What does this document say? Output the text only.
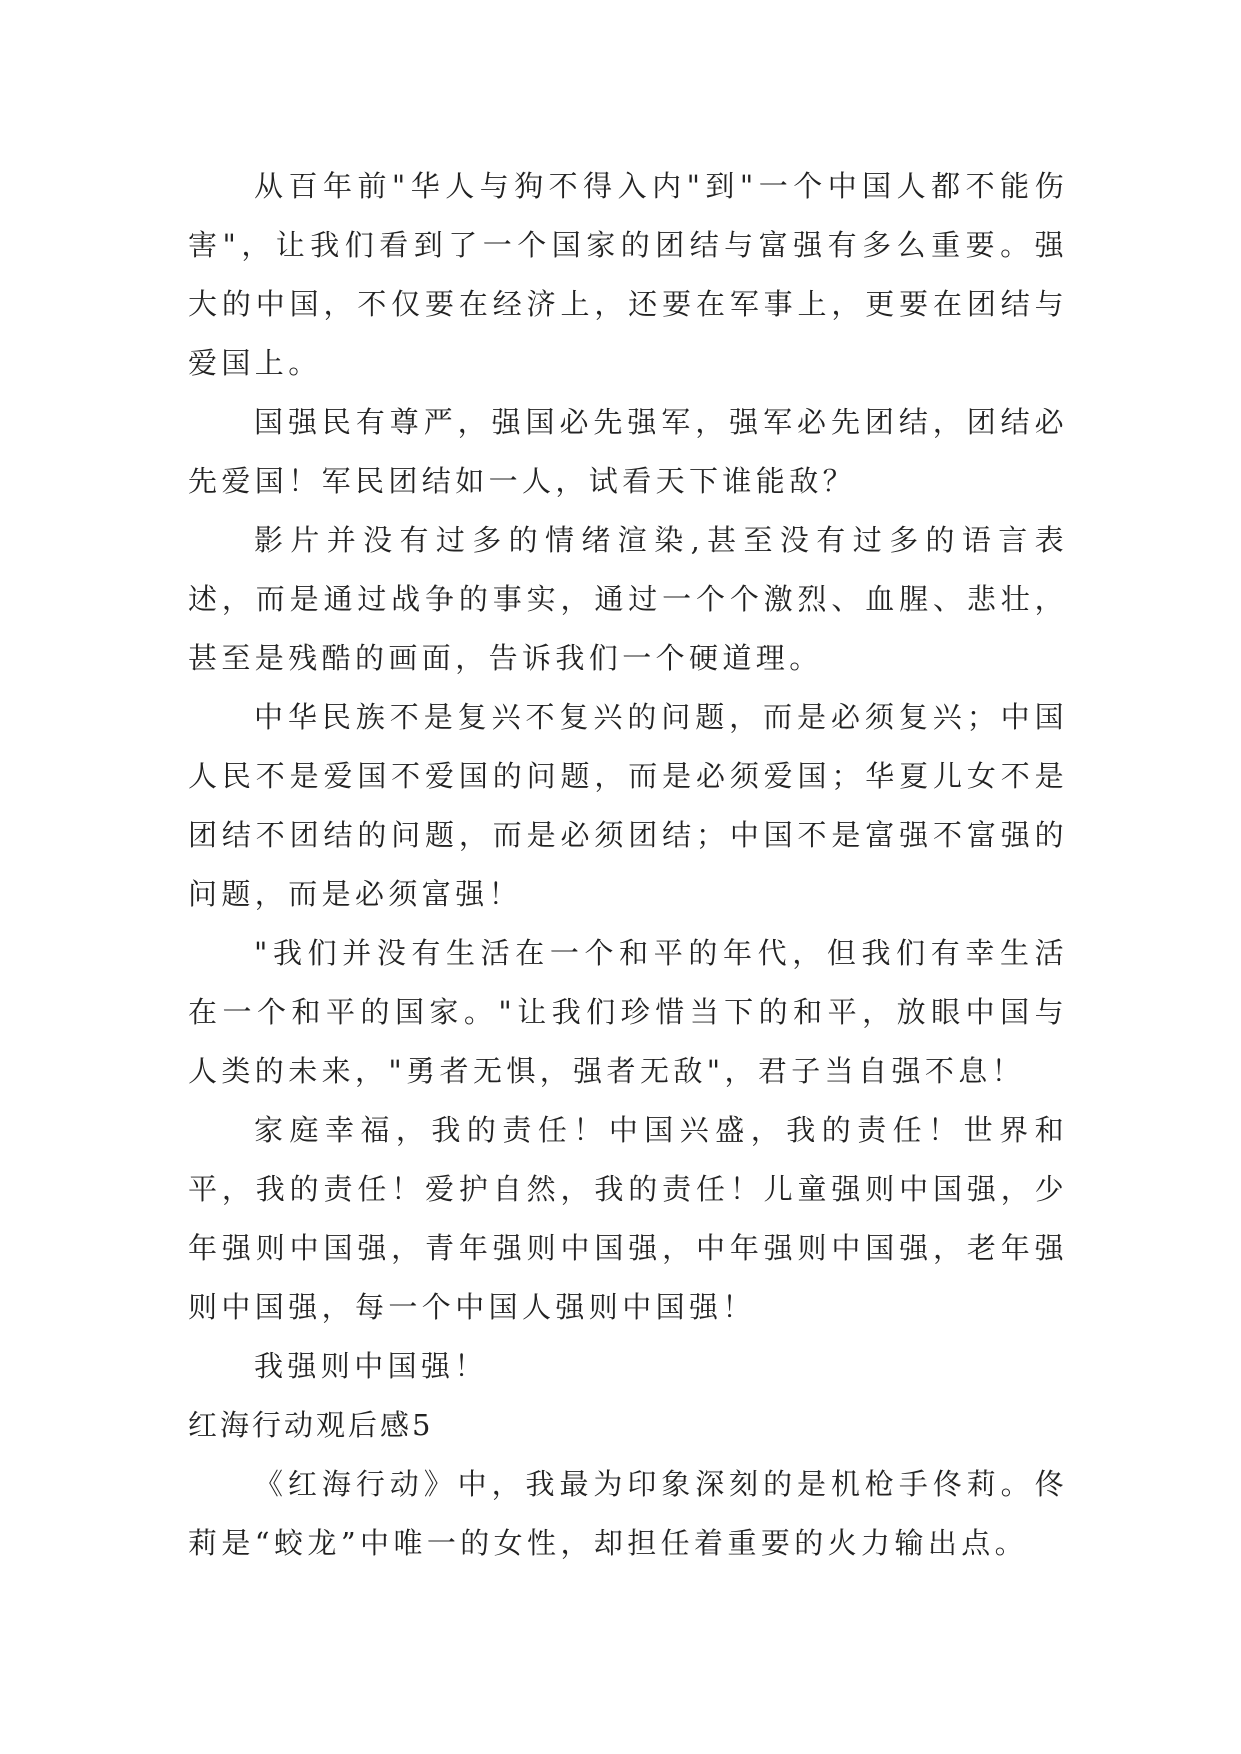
从百年前"华人与狗不得入内"到"一个中国人都不能伤害"，让我们看到了一个国家的团结与富强有多么重要。强大的中国，不仅要在经济上，还要在军事上，更要在团结与爱国上。

国强民有尊严，强国必先强军，强军必先团结，团结必先爱国！军民团结如一人，试看天下谁能敌？

影片并没有过多的情绪渲染,甚至没有过多的语言表述，而是通过战争的事实，通过一个个激烈、血腥、悲壮，甚至是残酷的画面，告诉我们一个硬道理。

中华民族不是复兴不复兴的问题，而是必须复兴；中国人民不是爱国不爱国的问题，而是必须爱国；华夏儿女不是团结不团结的问题，而是必须团结；中国不是富强不富强的问题，而是必须富强！

"我们并没有生活在一个和平的年代，但我们有幸生活在一个和平的国家。"让我们珍惜当下的和平，放眼中国与人类的未来，"勇者无惧，强者无敌"，君子当自强不息！

家庭幸福，我的责任！中国兴盛，我的责任！世界和平，我的责任！爱护自然，我的责任！儿童强则中国强，少年强则中国强，青年强则中国强，中年强则中国强，老年强则中国强，每一个中国人强则中国强！

我强则中国强！

红海行动观后感5

《红海行动》中，我最为印象深刻的是机枪手佟莉。佟莉是“蛟龙”中唯一的女性，却担任着重要的火力输出点。
